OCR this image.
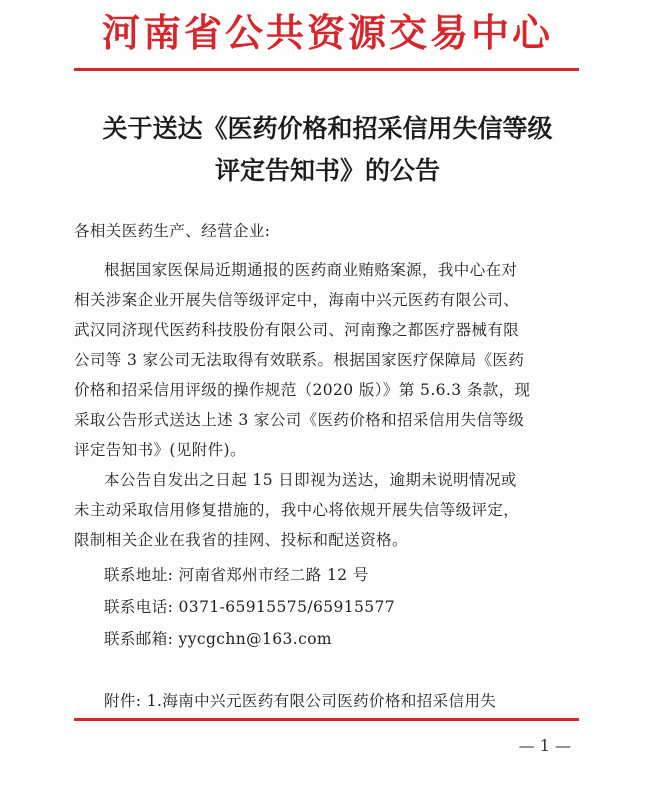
河南省公共资源交易中心
关于送达《医药价格和招采信用失信等级
评定告知书》的公告
各相关医药生产、经营企业:
根据国家医保局近期通报的医药商业贿赂案源，我中心在对
相关涉案企业开展失信等级评定中，海南中兴元医药有限公司、
武汉同济现代医药科技股份有限公司、河南豫之都医疗器械有限
公司等 3 家公司无法取得有效联系。根据国家医疗保障局《医药
价格和招采信用评级的操作规范（2020 版）》第 5.6.3 条款，现
采取公告形式送达上述 3 家公司《医药价格和招采信用失信等级
评定告知书》(见附件)。
本公告自发出之日起 15 日即视为送达，逾期未说明情况或
未主动采取信用修复措施的，我中心将依规开展失信等级评定，
限制相关企业在我省的挂网、投标和配送资格。
联系地址: 河南省郑州市经二路 12 号
联系电话: 0371-65915575/65915577
联系邮箱: yycgchn@163.com
附件: 1.海南中兴元医药有限公司医药价格和招采信用失
— 1 —
